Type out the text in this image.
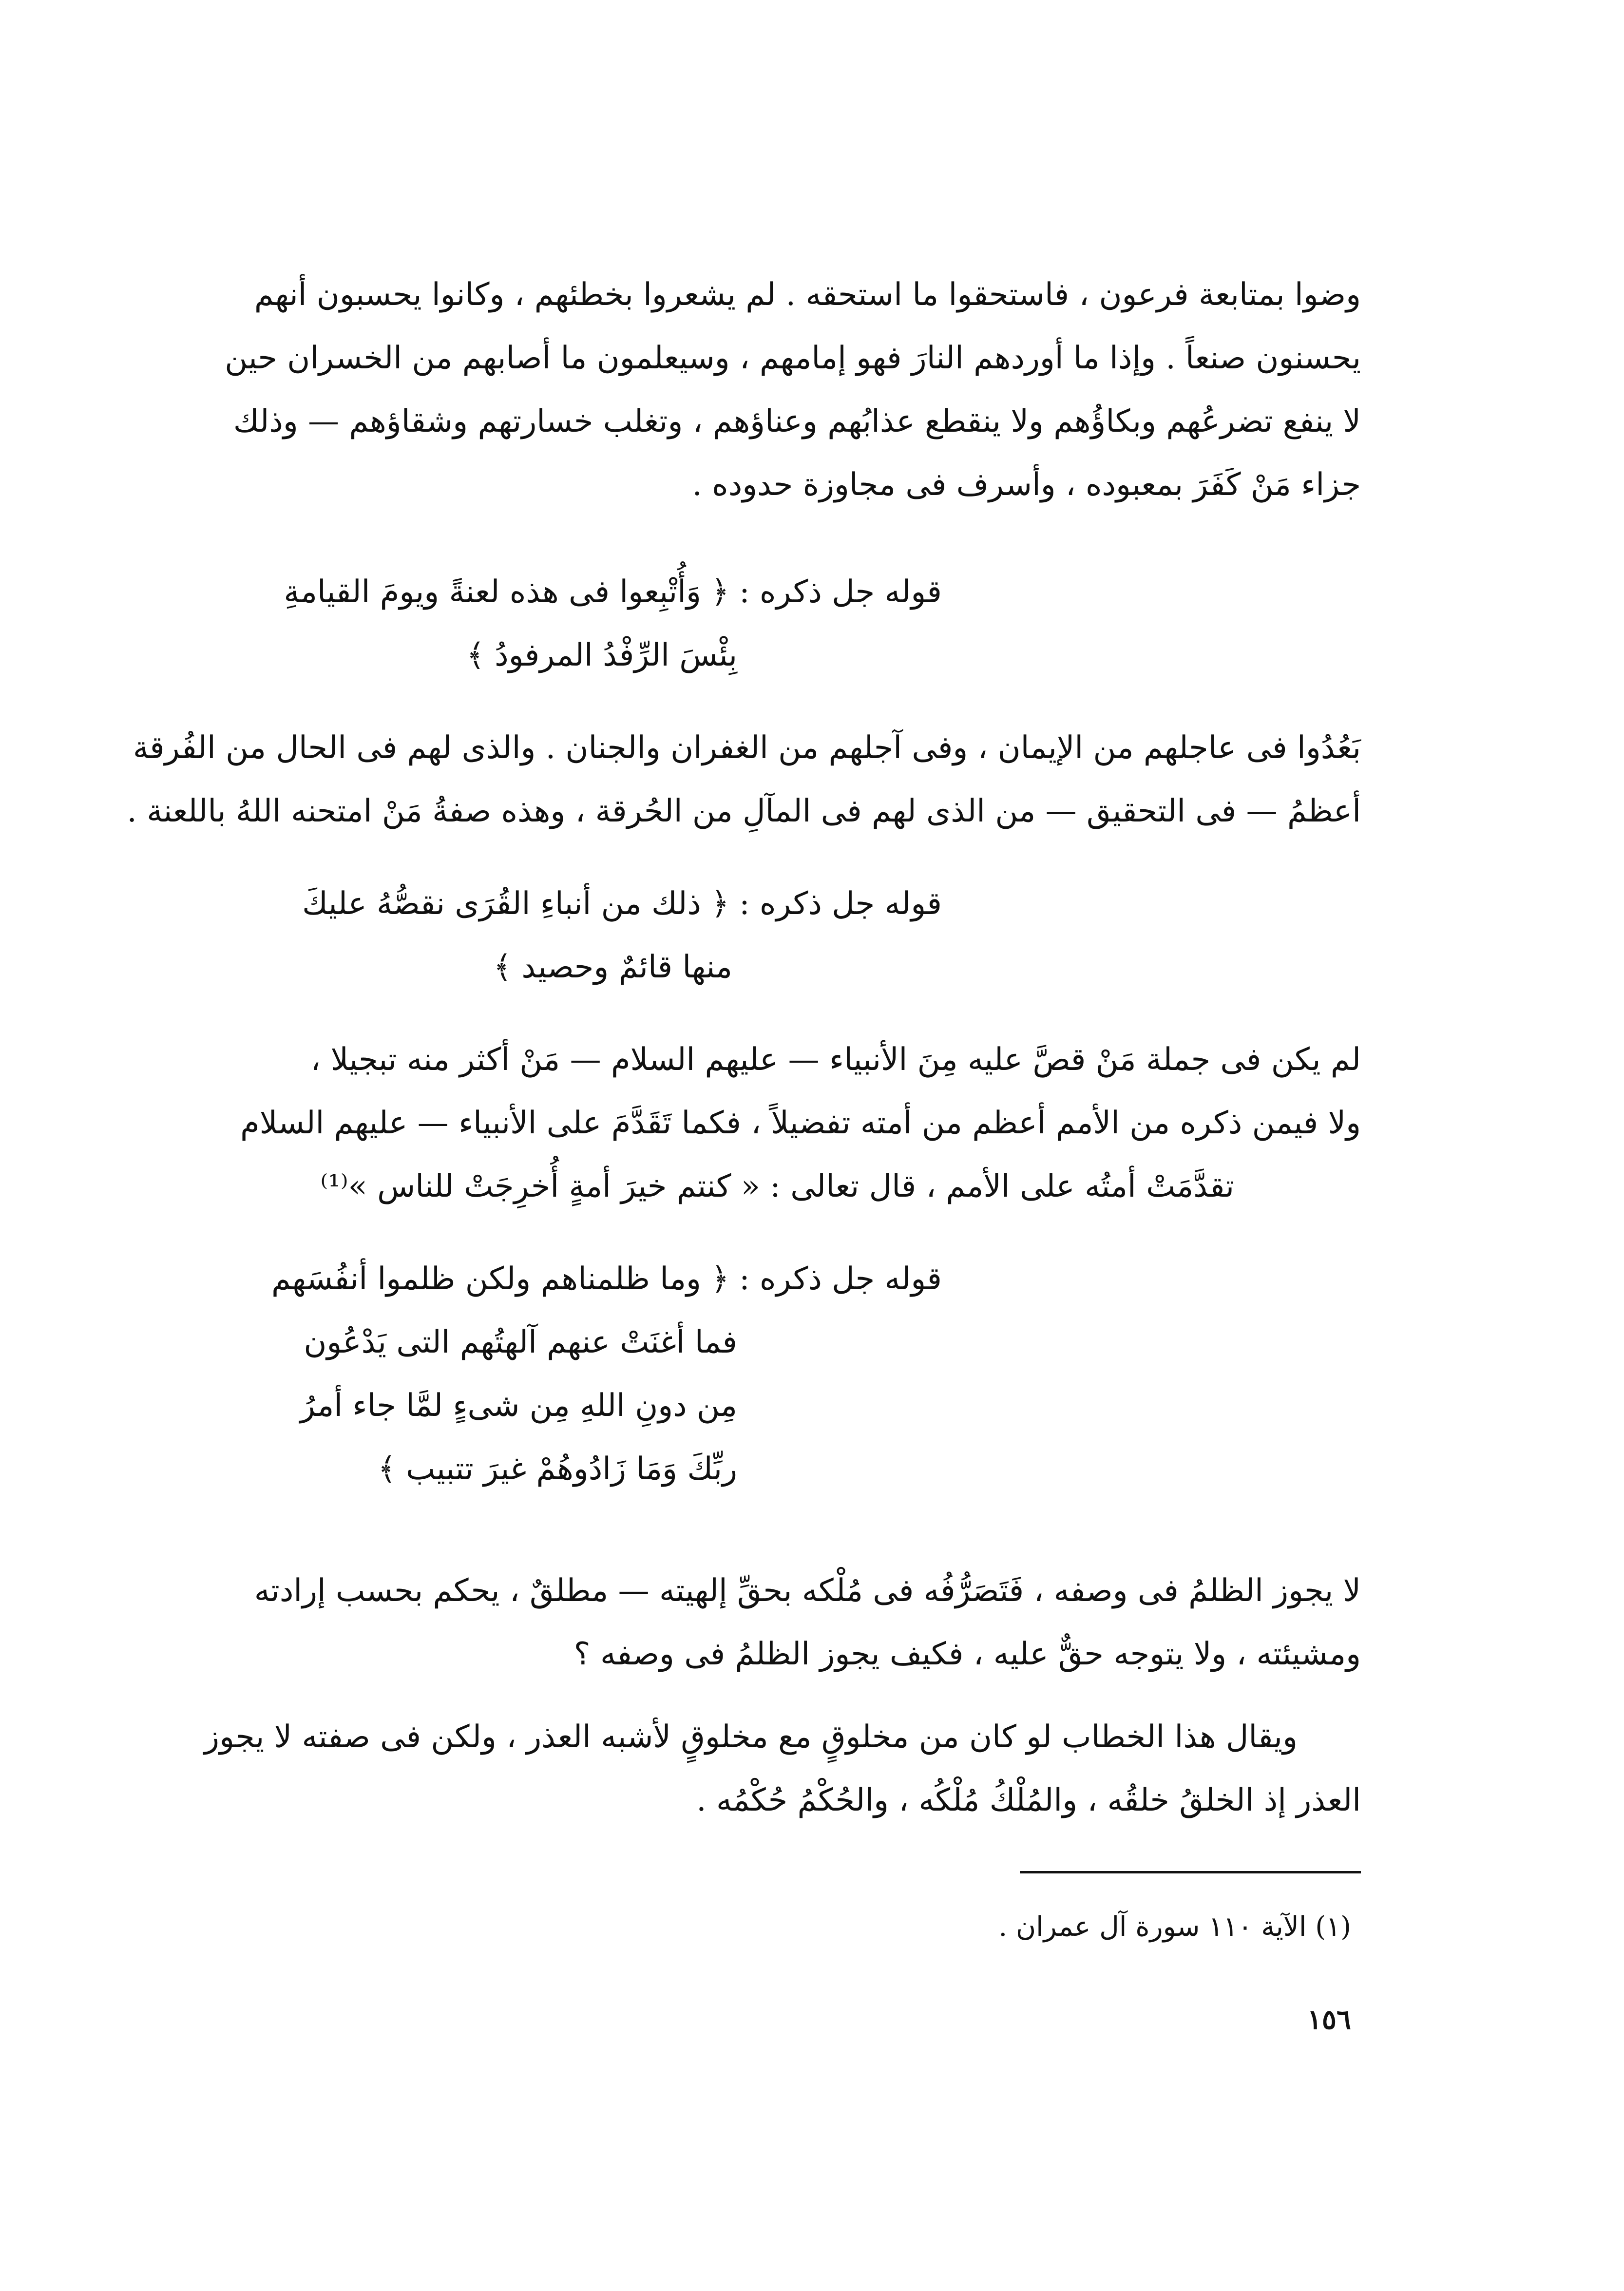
وضوا بمتابعة فرعون ، فاستحقوا ما استحقه . لم يشعروا بخطئهم ، وكانوا يحسبون أنهم
يحسنون صنعاً . وإذا ما أوردهم النارَ فهو إمامهم ، وسيعلمون ما أصابهم من الخسران حين
لا ينفع تضرعُهم وبكاؤُهم ولا ينقطع عذابُهم وعناؤهم ، وتغلب خسارتهم وشقاؤهم — وذلك
جزاء مَنْ كَفَرَ بمعبوده ، وأسرف فى مجاوزة حدوده .
قوله جل ذكره : ﴿ وَأُتْبِعوا فى هذه لعنةً ويومَ القيامةِ
بِئْسَ الرِّفْدُ المرفودُ ﴾
بَعُدُوا فى عاجلهم من الإيمان ، وفى آجلهم من الغفران والجنان . والذى لهم فى الحال من الفُرقة
أعظمُ — فى التحقيق — من الذى لهم فى المآلِ من الحُرقة ، وهذه صفةُ مَنْ امتحنه اللهُ باللعنة .
قوله جل ذكره : ﴿ ذلك من أنباءِ القُرَى نقصُّهُ عليكَ
منها قائمٌ وحصيد ﴾
لم يكن فى جملة مَنْ قصَّ عليه مِنَ الأنبياء — عليهم السلام — مَنْ أكثر منه تبجيلا ،
ولا فيمن ذكره من الأمم أعظم من أمته تفضيلاً ، فكما تَقَدَّمَ على الأنبياء — عليهم السلام
تقدَّمَتْ أمتُه على الأمم ، قال تعالى : « كنتم خيرَ أمةٍ أُخرِجَتْ للناس »⁽¹⁾
قوله جل ذكره : ﴿ وما ظلمناهم ولكن ظلموا أنفُسَهم
فما أغنَتْ عنهم آلهتُهم التى يَدْعُون
مِن دونِ اللهِ مِن شىءٍ لمَّا جاء أمرُ
ربِّكَ وَمَا زَادُوهُمْ غيرَ تتبيب ﴾
لا يجوز الظلمُ فى وصفه ، فَتَصَرُّفُه فى مُلْكه بحقِّ إلهيته — مطلقٌ ، يحكم بحسب إرادته
ومشيئته ، ولا يتوجه حقٌّ عليه ، فكيف يجوز الظلمُ فى وصفه ؟
ويقال هذا الخطاب لو كان من مخلوقٍ مع مخلوقٍ لأشبه العذر ، ولكن فى صفته لا يجوز
العذر إذ الخلقُ خلقُه ، والمُلْكُ مُلْكُه ، والحُكْمُ حُكْمُه .
(١) الآية ١١٠ سورة آل عمران .
١٥٦
